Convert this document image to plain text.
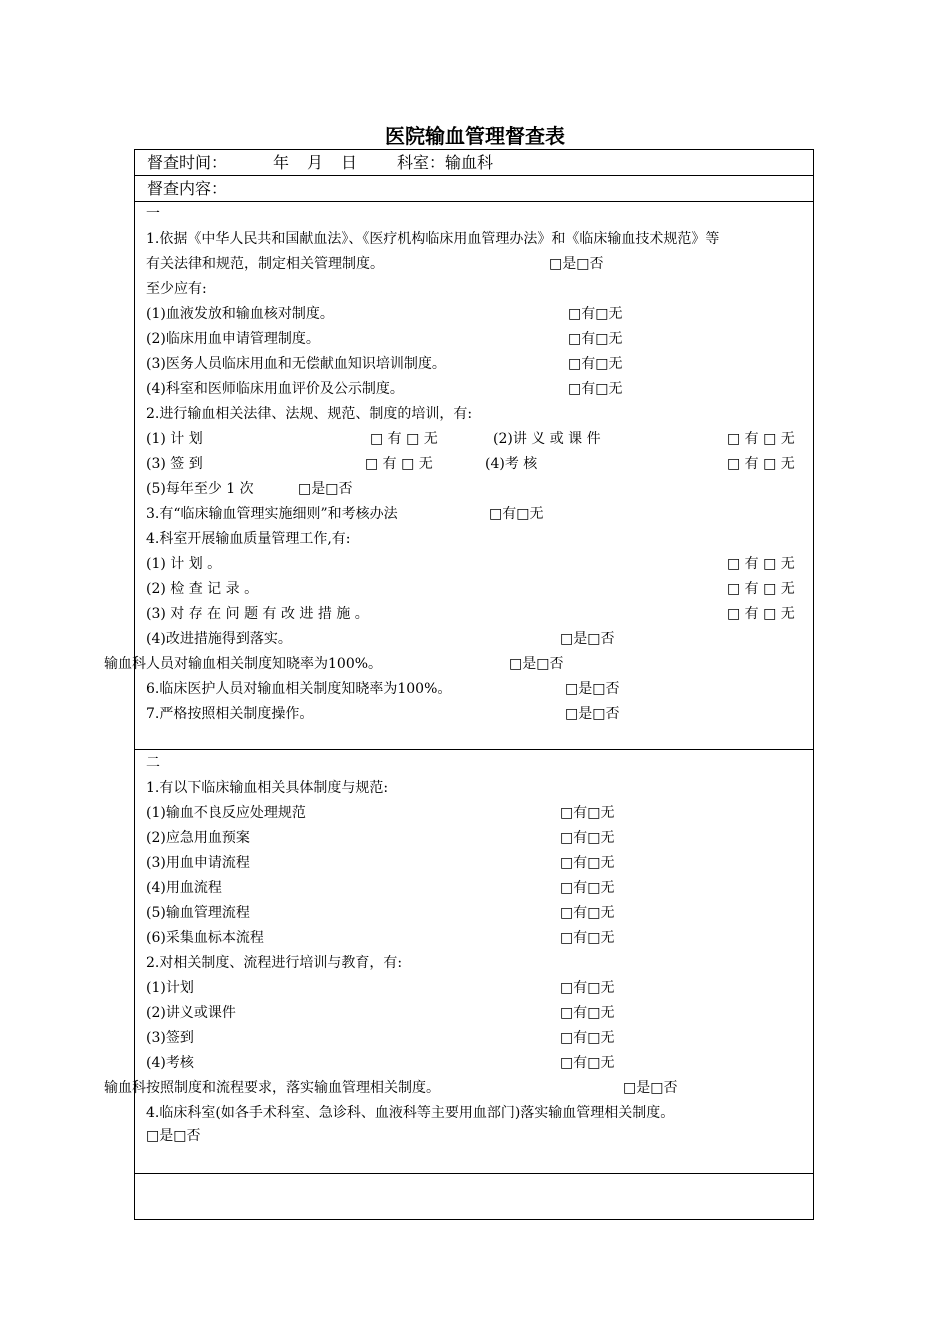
医院输血管理督查表
督查时间：	年 月 日 科室：输血科
督查内容：
一
1.依据《中华人民共和国献血法》、《医疗机构临床用血管理办法》和《临床输血技术规范》等
有关法律和规范，制定相关管理制度。	□是□否
至少应有:
(1)血液发放和输血核对制度。	□有□无
(2)临床用血申请管理制度。	□有□无
(3)医务人员临床用血和无偿献血知识培训制度。	□有□无
(4)科室和医师临床用血评价及公示制度。	□有□无
2.进行输血相关法律、法规、规范、制度的培训，有:
(1) 计 划	□ 有 □ 无	(2)讲 义 或 课 件	□ 有 □ 无
(3) 签 到	□ 有 □ 无	(4)考 核	□ 有 □ 无
(5)每年至少 1 次	□是□否
3.有“临床输血管理实施细则”和考核办法	□有□无
4.科室开展输血质量管理工作,有:
(1) 计 划 。	□ 有 □ 无
(2) 检 查 记 录 。	□ 有 □ 无
(3) 对 存 在 问 题 有 改 进 措 施 。	□ 有 □ 无
(4)改进措施得到落实。	□是□否
输血科人员对输血相关制度知晓率为100%。	□是□否
6.临床医护人员对输血相关制度知晓率为100%。	□是□否
7.严格按照相关制度操作。	□是□否
二
1.有以下临床输血相关具体制度与规范:
(1)输血不良反应处理规范	□有□无
(2)应急用血预案	□有□无
(3)用血申请流程	□有□无
(4)用血流程	□有□无
(5)输血管理流程	□有□无
(6)采集血标本流程	□有□无
2.对相关制度、流程进行培训与教育，有:
(1)计划	□有□无
(2)讲义或课件	□有□无
(3)签到	□有□无
(4)考核	□有□无
输血科按照制度和流程要求，落实输血管理相关制度。	□是□否
4.临床科室(如各手术科室、急诊科、血液科等主要用血部门)落实输血管理相关制度。
□是□否
